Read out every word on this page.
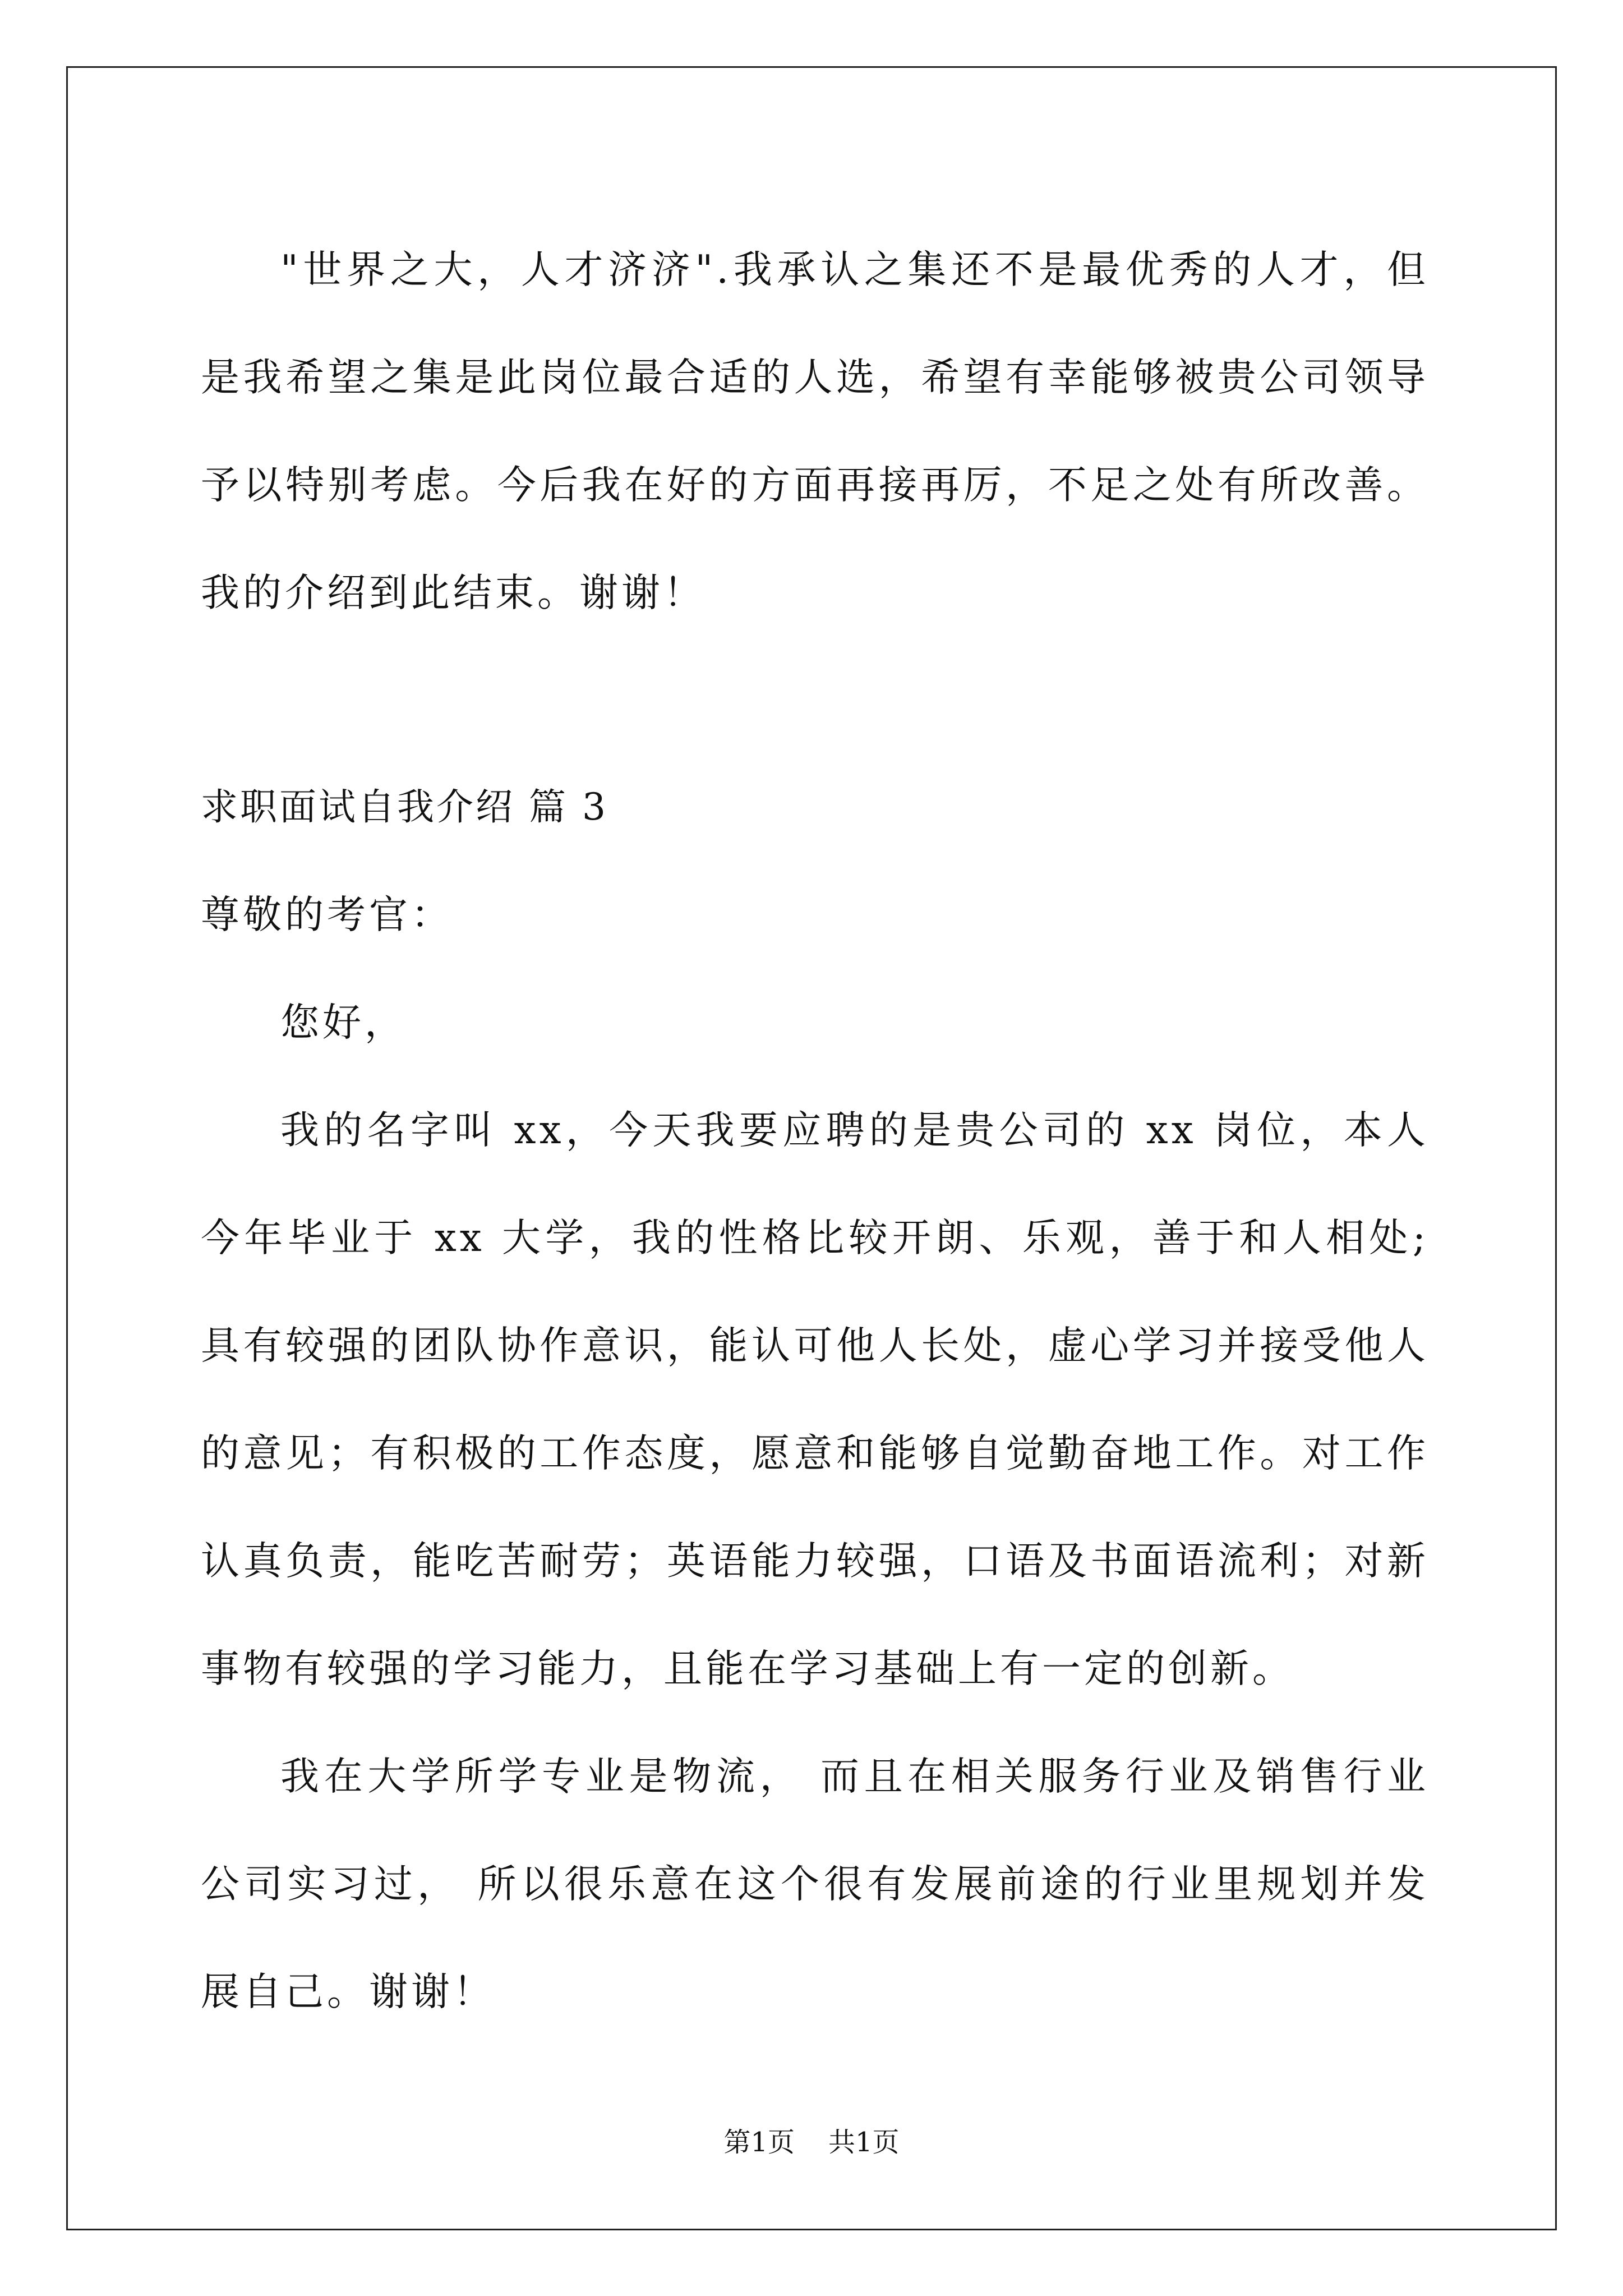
"世界之大，人才济济".我承认之集还不是最优秀的人才，但是我希望之集是此岗位最合适的人选，希望有幸能够被贵公司领导予以特别考虑。今后我在好的方面再接再厉，不足之处有所改善。我的介绍到此结束。谢谢！

求职面试自我介绍 篇 3

尊敬的考官：

您好，

我的名字叫 xx，今天我要应聘的是贵公司的 xx 岗位，本人今年毕业于 xx 大学，我的性格比较开朗、乐观，善于和人相处;具有较强的团队协作意识，能认可他人长处，虚心学习并接受他人的意见；有积极的工作态度，愿意和能够自觉勤奋地工作。对工作认真负责，能吃苦耐劳；英语能力较强，口语及书面语流利；对新事物有较强的学习能力，且能在学习基础上有一定的创新。

我在大学所学专业是物流， 而且在相关服务行业及销售行业公司实习过， 所以很乐意在这个很有发展前途的行业里规划并发展自己。谢谢！

第1页 共1页
